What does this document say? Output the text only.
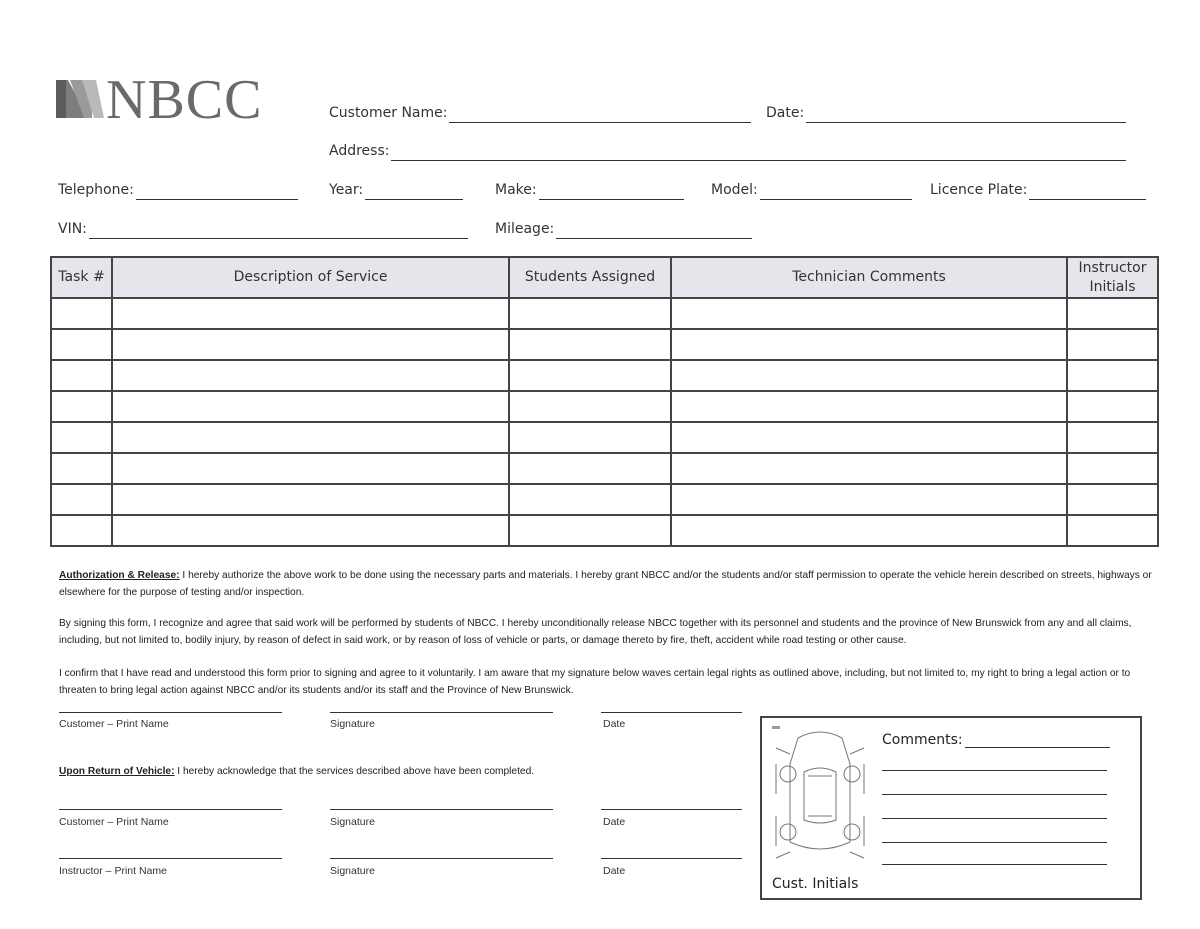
NBCC	Customer Name:	Date:
Address:
Telephone:	Year:	Make:	Model:	Licence Plate:
VIN:	Mileage:
Task #	Description of Service	Students Assigned	Technician Comments	Instructor Initials

Authorization & Release: I hereby authorize the above work to be done using the necessary parts and materials. I hereby grant NBCC and/or the students and/or staff permission to operate the vehicle herein described on streets, highways or elsewhere for the purpose of testing and/or inspection.
By signing this form, I recognize and agree that said work will be performed by students of NBCC. I hereby unconditionally release NBCC together with its personnel and students and the province of New Brunswick from any and all claims, including, but not limited to, bodily injury, by reason of defect in said work, or by reason of loss of vehicle or parts, or damage thereto by fire, theft, accident while road testing or other cause.
I confirm that I have read and understood this form prior to signing and agree to it voluntarily. I am aware that my signature below waves certain legal rights as outlined above, including, but not limited to, my right to bring a legal action or to threaten to bring legal action against NBCC and/or its students and/or its staff and the Province of New Brunswick.
Customer – Print Name	Signature	Date
Upon Return of Vehicle: I hereby acknowledge that the services described above have been completed.
Customer – Print Name	Signature	Date
Instructor – Print Name	Signature	Date
Comments:
Cust. Initials
